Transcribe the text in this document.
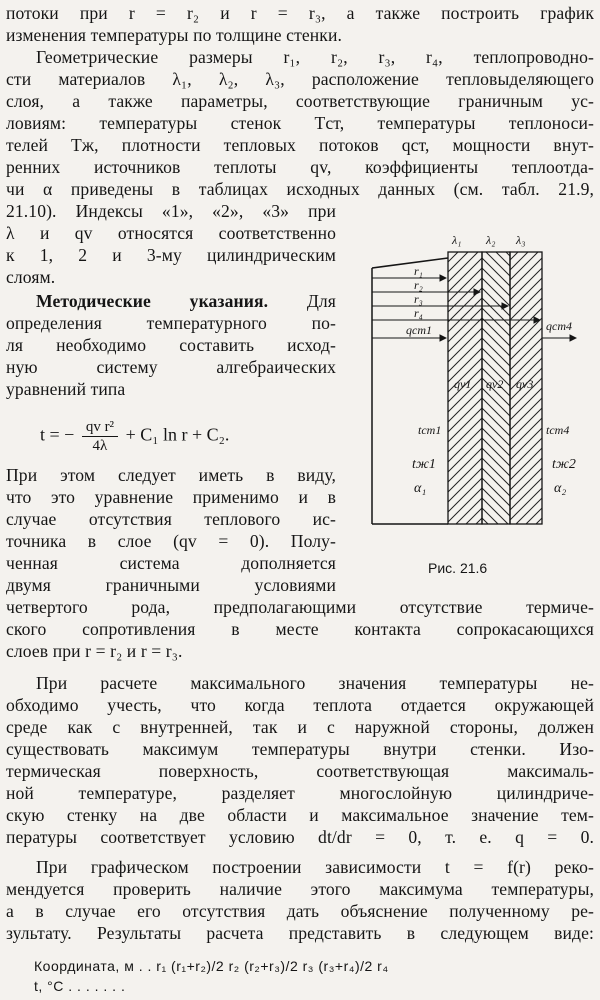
потоки при r = r₂ и r = r₃, а также построить график
изменения температуры по толщине стенки.
Геометрические размеры r₁, r₂, r₃, r₄, теплопроводно-
сти материалов λ₁, λ₂, λ₃, расположение тепловыделяющего
слоя, а также параметры, соответствующие граничным ус-
ловиям: температуры стенок Tст, температуры теплоноси-
телей Tж, плотности тепловых потоков qст, мощности внут-
ренних источников теплоты qv, коэффициенты теплоотда-
чи α приведены в таблицах исходных данных (см. табл. 21.9,
21.10). Индексы «1», «2», «3» при
λ и qv относятся соответственно
к 1, 2 и 3-му цилиндрическим
слоям.
Методические указания. Для
определения температурного по-
ля необходимо составить исход-
ную систему алгебраических
уравнений типа
t = − $\frac{\text{qv r²}}{4\lambda} + C_1$ ln r + C₂.
При этом следует иметь в виду,
что это уравнение применимо и в
случае отсутствия теплового ис-
точника в слое (qv = 0). Полу-
ченная система дополняется
двумя граничными условиями
четвертого рода, предполагающими отсутствие термиче-
ского сопротивления в месте контакта сопрокасающихся
слоев при r = r₂ и r = r₃.
При расчете максимального значения температуры не-
обходимо учесть, что когда теплота отдается окружающей
среде как с внутренней, так и с наружной стороны, должен
существовать максимум температуры внутри стенки. Изо-
термическая поверхность, соответствующая максималь-
ной температуре, разделяет многослойную цилиндриче-
скую стенку на две области и максимальное значение тем-
пературы соответствует условию dt/dr = 0, т. е. q = 0.
При графическом построении зависимости t = f(r) реко-
мендуется проверить наличие этого максимума температуры,
а в случае его отсутствия дать объяснение полученному ре-
зультату. Результаты расчета представить в следующем виде:
Координата, м . . r₁ (r₁+r₂)/2 r₂ (r₂+r₃)/2 r₃ (r₃+r₄)/2 r₄
t, °C . . . . . . .
λ₁ λ₂ λ₃
r₁
r₂
r₃
r₄
qст1	qст4
qv1 qv2 qv3
tст1	tст4
tж1	tж2
α₁	α₂
Рис. 21.6
